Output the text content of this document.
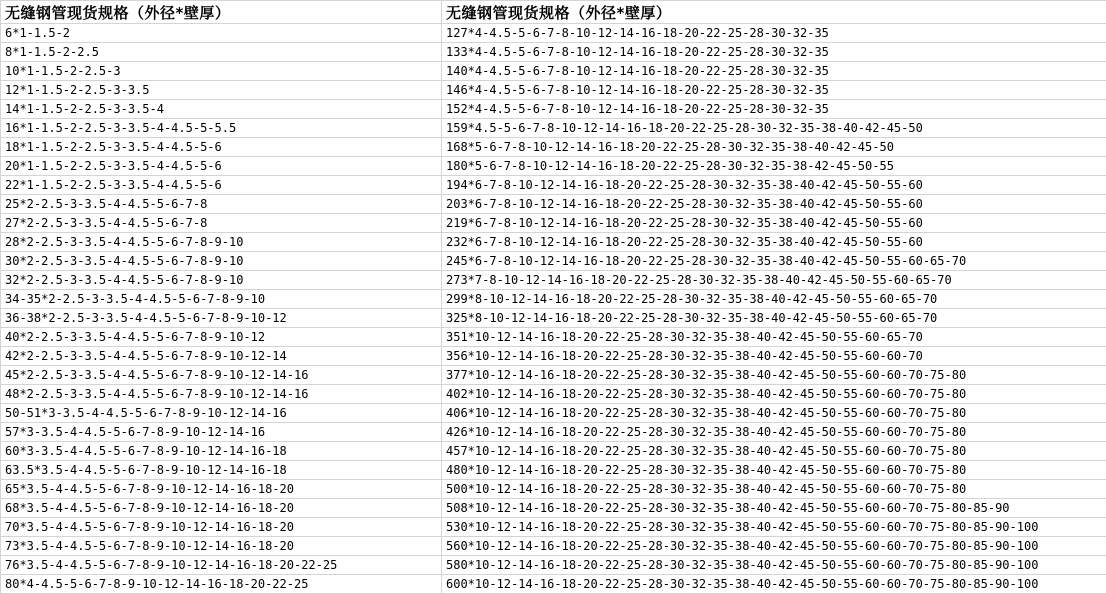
无缝钢管现货规格（外径*壁厚）	无缝钢管现货规格（外径*壁厚）
6*1-1.5-2	127*4-4.5-5-6-7-8-10-12-14-16-18-20-22-25-28-30-32-35
8*1-1.5-2-2.5	133*4-4.5-5-6-7-8-10-12-14-16-18-20-22-25-28-30-32-35
10*1-1.5-2-2.5-3	140*4-4.5-5-6-7-8-10-12-14-16-18-20-22-25-28-30-32-35
12*1-1.5-2-2.5-3-3.5	146*4-4.5-5-6-7-8-10-12-14-16-18-20-22-25-28-30-32-35
14*1-1.5-2-2.5-3-3.5-4	152*4-4.5-5-6-7-8-10-12-14-16-18-20-22-25-28-30-32-35
16*1-1.5-2-2.5-3-3.5-4-4.5-5-5.5	159*4.5-5-6-7-8-10-12-14-16-18-20-22-25-28-30-32-35-38-40-42-45-50
18*1-1.5-2-2.5-3-3.5-4-4.5-5-6	168*5-6-7-8-10-12-14-16-18-20-22-25-28-30-32-35-38-40-42-45-50
20*1-1.5-2-2.5-3-3.5-4-4.5-5-6	180*5-6-7-8-10-12-14-16-18-20-22-25-28-30-32-35-38-42-45-50-55
22*1-1.5-2-2.5-3-3.5-4-4.5-5-6	194*6-7-8-10-12-14-16-18-20-22-25-28-30-32-35-38-40-42-45-50-55-60
25*2-2.5-3-3.5-4-4.5-5-6-7-8	203*6-7-8-10-12-14-16-18-20-22-25-28-30-32-35-38-40-42-45-50-55-60
27*2-2.5-3-3.5-4-4.5-5-6-7-8	219*6-7-8-10-12-14-16-18-20-22-25-28-30-32-35-38-40-42-45-50-55-60
28*2-2.5-3-3.5-4-4.5-5-6-7-8-9-10	232*6-7-8-10-12-14-16-18-20-22-25-28-30-32-35-38-40-42-45-50-55-60
30*2-2.5-3-3.5-4-4.5-5-6-7-8-9-10	245*6-7-8-10-12-14-16-18-20-22-25-28-30-32-35-38-40-42-45-50-55-60-65-70
32*2-2.5-3-3.5-4-4.5-5-6-7-8-9-10	273*7-8-10-12-14-16-18-20-22-25-28-30-32-35-38-40-42-45-50-55-60-65-70
34-35*2-2.5-3-3.5-4-4.5-5-6-7-8-9-10	299*8-10-12-14-16-18-20-22-25-28-30-32-35-38-40-42-45-50-55-60-65-70
36-38*2-2.5-3-3.5-4-4.5-5-6-7-8-9-10-12	325*8-10-12-14-16-18-20-22-25-28-30-32-35-38-40-42-45-50-55-60-65-70
40*2-2.5-3-3.5-4-4.5-5-6-7-8-9-10-12	351*10-12-14-16-18-20-22-25-28-30-32-35-38-40-42-45-50-55-60-65-70
42*2-2.5-3-3.5-4-4.5-5-6-7-8-9-10-12-14	356*10-12-14-16-18-20-22-25-28-30-32-35-38-40-42-45-50-55-60-60-70
45*2-2.5-3-3.5-4-4.5-5-6-7-8-9-10-12-14-16	377*10-12-14-16-18-20-22-25-28-30-32-35-38-40-42-45-50-55-60-60-70-75-80
48*2-2.5-3-3.5-4-4.5-5-6-7-8-9-10-12-14-16	402*10-12-14-16-18-20-22-25-28-30-32-35-38-40-42-45-50-55-60-60-70-75-80
50-51*3-3.5-4-4.5-5-6-7-8-9-10-12-14-16	406*10-12-14-16-18-20-22-25-28-30-32-35-38-40-42-45-50-55-60-60-70-75-80
57*3-3.5-4-4.5-5-6-7-8-9-10-12-14-16	426*10-12-14-16-18-20-22-25-28-30-32-35-38-40-42-45-50-55-60-60-70-75-80
60*3-3.5-4-4.5-5-6-7-8-9-10-12-14-16-18	457*10-12-14-16-18-20-22-25-28-30-32-35-38-40-42-45-50-55-60-60-70-75-80
63.5*3.5-4-4.5-5-6-7-8-9-10-12-14-16-18	480*10-12-14-16-18-20-22-25-28-30-32-35-38-40-42-45-50-55-60-60-70-75-80
65*3.5-4-4.5-5-6-7-8-9-10-12-14-16-18-20	500*10-12-14-16-18-20-22-25-28-30-32-35-38-40-42-45-50-55-60-60-70-75-80
68*3.5-4-4.5-5-6-7-8-9-10-12-14-16-18-20	508*10-12-14-16-18-20-22-25-28-30-32-35-38-40-42-45-50-55-60-60-70-75-80-85-90
70*3.5-4-4.5-5-6-7-8-9-10-12-14-16-18-20	530*10-12-14-16-18-20-22-25-28-30-32-35-38-40-42-45-50-55-60-60-70-75-80-85-90-100
73*3.5-4-4.5-5-6-7-8-9-10-12-14-16-18-20	560*10-12-14-16-18-20-22-25-28-30-32-35-38-40-42-45-50-55-60-60-70-75-80-85-90-100
76*3.5-4-4.5-5-6-7-8-9-10-12-14-16-18-20-22-25	580*10-12-14-16-18-20-22-25-28-30-32-35-38-40-42-45-50-55-60-60-70-75-80-85-90-100
80*4-4.5-5-6-7-8-9-10-12-14-16-18-20-22-25	600*10-12-14-16-18-20-22-25-28-30-32-35-38-40-42-45-50-55-60-60-70-75-80-85-90-100
